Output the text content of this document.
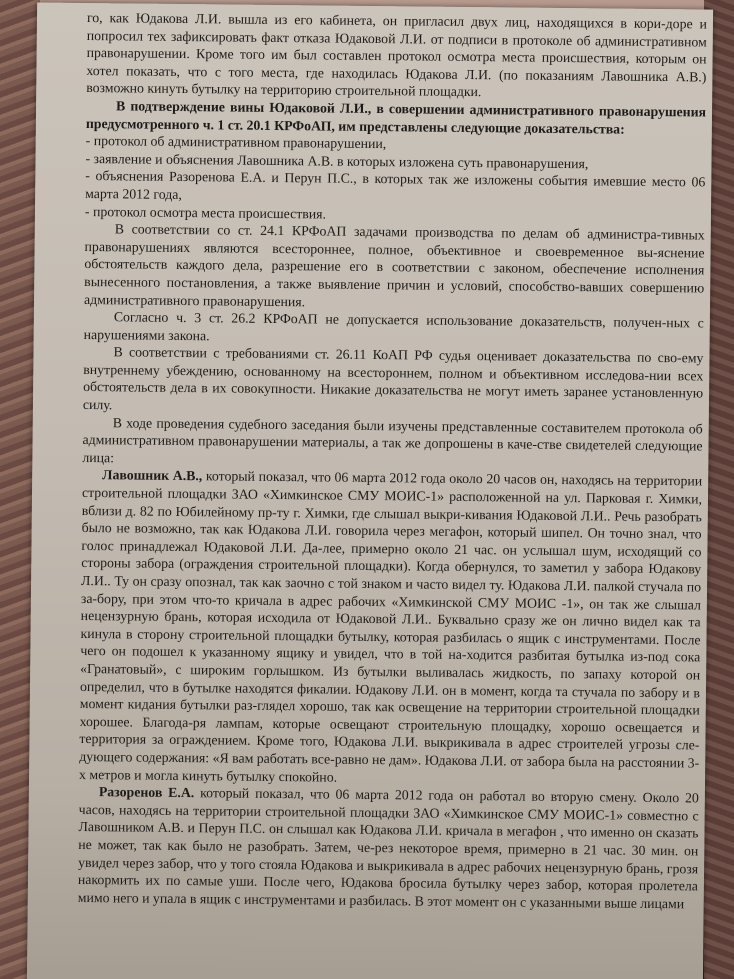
го, как Юдакова Л.И. вышла из его кабинета, он пригласил двух лиц, находящихся в кори-доре и попросил тех зафиксировать факт отказа Юдаковой Л.И. от подписи в протоколе об административном правонарушении. Кроме того им был составлен протокол осмотра места происшествия, которым он хотел показать, что с того места, где находилась Юдакова Л.И. (по показаниям Лавошника А.В.) возможно кинуть бутылку на территорию строительной площадки.

В подтверждение вины Юдаковой Л.И., в совершении административного правонарушения предусмотренного ч. 1 ст. 20.1 КРФоАП, им представлены следующие доказательства:

- протокол об административном правонарушении,

- заявление и объяснения Лавошника А.В. в которых изложена суть правонарушения,

- объяснения Разоренова Е.А. и Перун П.С., в которых так же изложены события имевшие место 06 марта 2012 года,

- протокол осмотра места происшествия.

В соответствии со ст. 24.1 КРФоАП задачами производства по делам об администра-тивных правонарушениях являются всестороннее, полное, объективное и своевременное вы-яснение обстоятельств каждого дела, разрешение его в соответствии с законом, обеспечение исполнения вынесенного постановления, а также выявление причин и условий, способство-вавших совершению административного правонарушения.

Согласно ч. 3 ст. 26.2 КРФоАП не допускается использование доказательств, получен-ных с нарушениями закона.

В соответствии с требованиями ст. 26.11 КоАП РФ судья оценивает доказательства по сво-ему внутреннему убеждению, основанному на всестороннем, полном и объективном исследова-нии всех обстоятельств дела в их совокупности. Никакие доказательства не могут иметь заранее установленную силу.

В ходе проведения судебного заседания были изучены представленные составителем протокола об административном правонарушении материалы, а так же допрошены в каче-стве свидетелей следующие лица:

Лавошник А.В., который показал, что 06 марта 2012 года около 20 часов он, находясь на территории строительной площадки ЗАО «Химкинское СМУ МОИС-1» расположенной на ул. Парковая г. Химки, вблизи д. 82 по Юбилейному пр-ту г. Химки, где слышал выкри-кивания Юдаковой Л.И.. Речь разобрать было не возможно, так как Юдакова Л.И. говорила через мегафон, который шипел. Он точно знал, что голос принадлежал Юдаковой Л.И. Да-лее, примерно около 21 час. он услышал шум, исходящий со стороны забора (ограждения строительной площадки). Когда обернулся, то заметил у забора Юдакову Л.И.. Ту он сразу опознал, так как заочно с той знаком и часто видел ту. Юдакова Л.И. палкой стучала по за-бору, при этом что-то кричала в адрес рабочих «Химкинской СМУ МОИС -1», он так же слышал нецензурную брань, которая исходила от Юдаковой Л.И.. Буквально сразу же он лично видел как та кинула в сторону строительной площадки бутылку, которая разбилась о ящик с инструментами. После чего он подошел к указанному ящику и увидел, что в той на-ходится разбитая бутылка из-под сока «Гранатовый», с широким горлышком. Из бутылки выливалась жидкость, по запаху которой он определил, что в бутылке находятся фикалии. Юдакову Л.И. он в момент, когда та стучала по забору и в момент кидания бутылки раз-глядел хорошо, так как освещение на территории строительной площадки хорошее. Благода-ря лампам, которые освещают строительную площадку, хорошо освещается и территория за ограждением. Кроме того, Юдакова Л.И. выкрикивала в адрес строителей угрозы сле-дующего содержания: «Я вам работать все-равно не дам». Юдакова Л.И. от забора была на расстоянии 3-х метров и могла кинуть бутылку спокойно.

Разоренов Е.А. который показал, что 06 марта 2012 года он работал во вторую смену. Около 20 часов, находясь на территории строительной площадки ЗАО «Химкинское СМУ МОИС-1» совместно с Лавошником А.В. и Перун П.С. он слышал как Юдакова Л.И. кричала в мегафон , что именно он сказать не может, так как было не разобрать. Затем, че-рез некоторое время, примерно в 21 час. 30 мин. он увидел через забор, что у того стояла Юдакова и выкрикивала в адрес рабочих нецензурную брань, грозя накормить их по самые уши. После чего, Юдакова бросила бутылку через забор, которая пролетела мимо него и упала в ящик с инструментами и разбилась. В этот момент он с указанными выше лицами
